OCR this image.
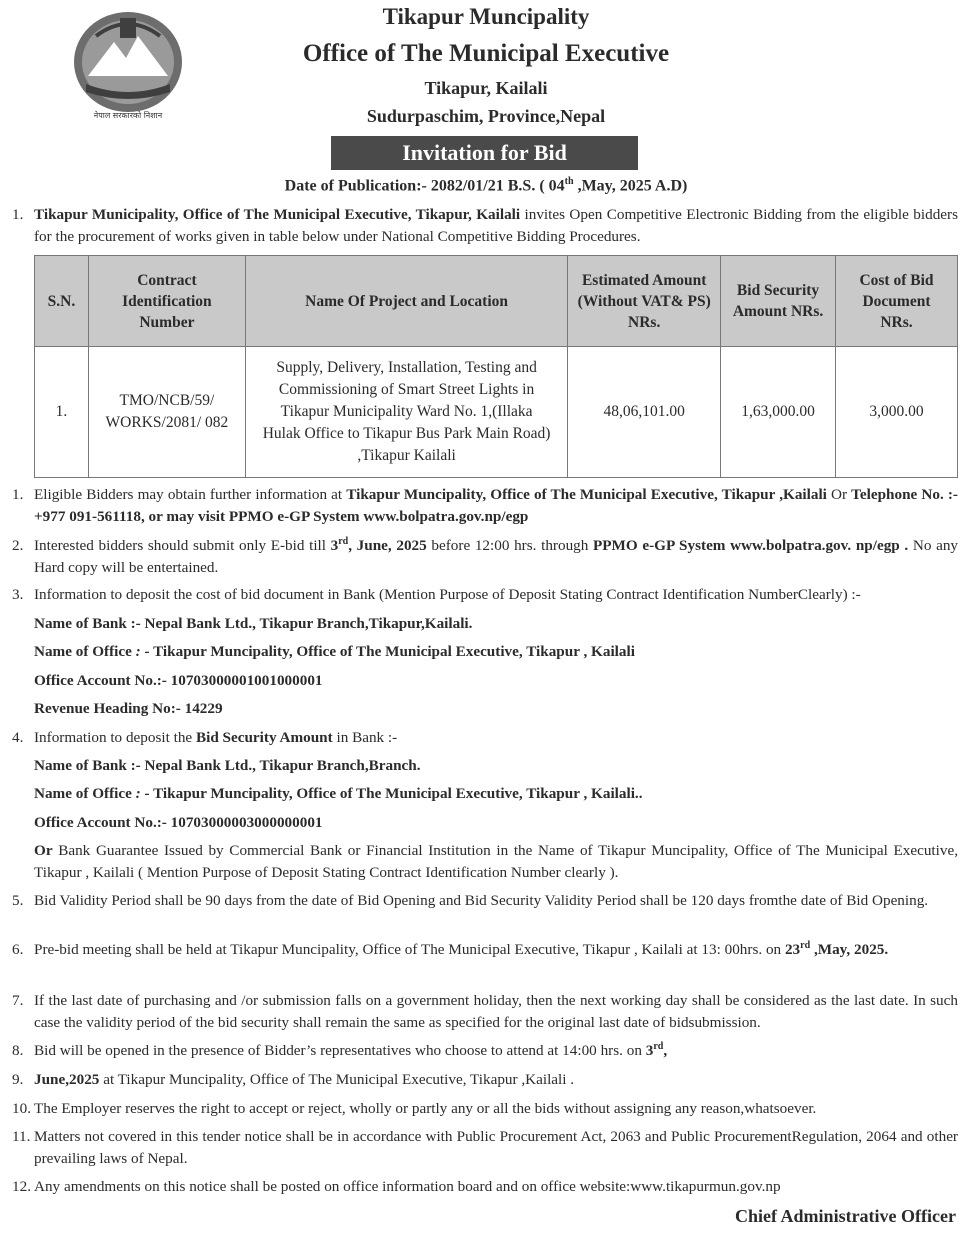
नेपाल सरकारको निशान
Tikapur Muncipality
Office of The Municipal Executive
Tikapur, Kailali
Sudurpaschim, Province,Nepal
Invitation for Bid
Date of Publication:- 2082/01/21 B.S. ( 04th ,May, 2025 A.D)
1. Tikapur Municipality, Office of The Municipal Executive, Tikapur, Kailali invites Open Competitive Electronic Bidding from the eligible bidders for the procurement of works given in table below under National Competitive Bidding Procedures.
S.N.	Contract Identification Number	Name Of Project and Location	Estimated Amount (Without VAT& PS) NRs.	Bid Security Amount NRs.	Cost of Bid Document NRs.
1.	TMO/NCB/59/ WORKS/2081/ 082	Supply, Delivery, Installation, Testing and Commissioning of Smart Street Lights in Tikapur Municipality Ward No. 1,(Illaka Hulak Office to Tikapur Bus Park Main Road) ,Tikapur Kailali	48,06,101.00	1,63,000.00	3,000.00
1. Eligible Bidders may obtain further information at Tikapur Muncipality, Office of The Municipal Executive, Tikapur ,Kailali Or Telephone No. :- +977 091-561118, or may visit PPMO e-GP System www.bolpatra.gov.np/egp
2. Interested bidders should submit only E-bid till 3rd, June, 2025 before 12:00 hrs. through PPMO e-GP System www.bolpatra.gov. np/egp . No any Hard copy will be entertained.
3. Information to deposit the cost of bid document in Bank (Mention Purpose of Deposit Stating Contract Identification NumberClearly) :-
Name of Bank :- Nepal Bank Ltd., Tikapur Branch,Tikapur,Kailali.
Name of Office : - Tikapur Muncipality, Office of The Municipal Executive, Tikapur , Kailali
Office Account No.:- 10703000001001000001
Revenue Heading No:- 14229
4. Information to deposit the Bid Security Amount in Bank :-
Name of Bank :- Nepal Bank Ltd., Tikapur Branch,Branch.
Name of Office : - Tikapur Muncipality, Office of The Municipal Executive, Tikapur , Kailali..
Office Account No.:- 10703000003000000001
Or Bank Guarantee Issued by Commercial Bank or Financial Institution in the Name of Tikapur Muncipality, Office of The Municipal Executive, Tikapur , Kailali ( Mention Purpose of Deposit Stating Contract Identification Number clearly ).
5. Bid Validity Period shall be 90 days from the date of Bid Opening and Bid Security Validity Period shall be 120 days fromthe date of Bid Opening.
6. Pre-bid meeting shall be held at Tikapur Muncipality, Office of The Municipal Executive, Tikapur , Kailali at 13: 00hrs. on 23rd ,May, 2025.
7. If the last date of purchasing and /or submission falls on a government holiday, then the next working day shall be considered as the last date. In such case the validity period of the bid security shall remain the same as specified for the original last date of bidsubmission.
8. Bid will be opened in the presence of Bidder’s representatives who choose to attend at 14:00 hrs. on 3rd,
9. June,2025 at Tikapur Muncipality, Office of The Municipal Executive, Tikapur ,Kailali .
10. The Employer reserves the right to accept or reject, wholly or partly any or all the bids without assigning any reason,whatsoever.
11. Matters not covered in this tender notice shall be in accordance with Public Procurement Act, 2063 and Public ProcurementRegulation, 2064 and other prevailing laws of Nepal.
12. Any amendments on this notice shall be posted on office information board and on office website:www.tikapurmun.gov.np
Chief Administrative Officer
